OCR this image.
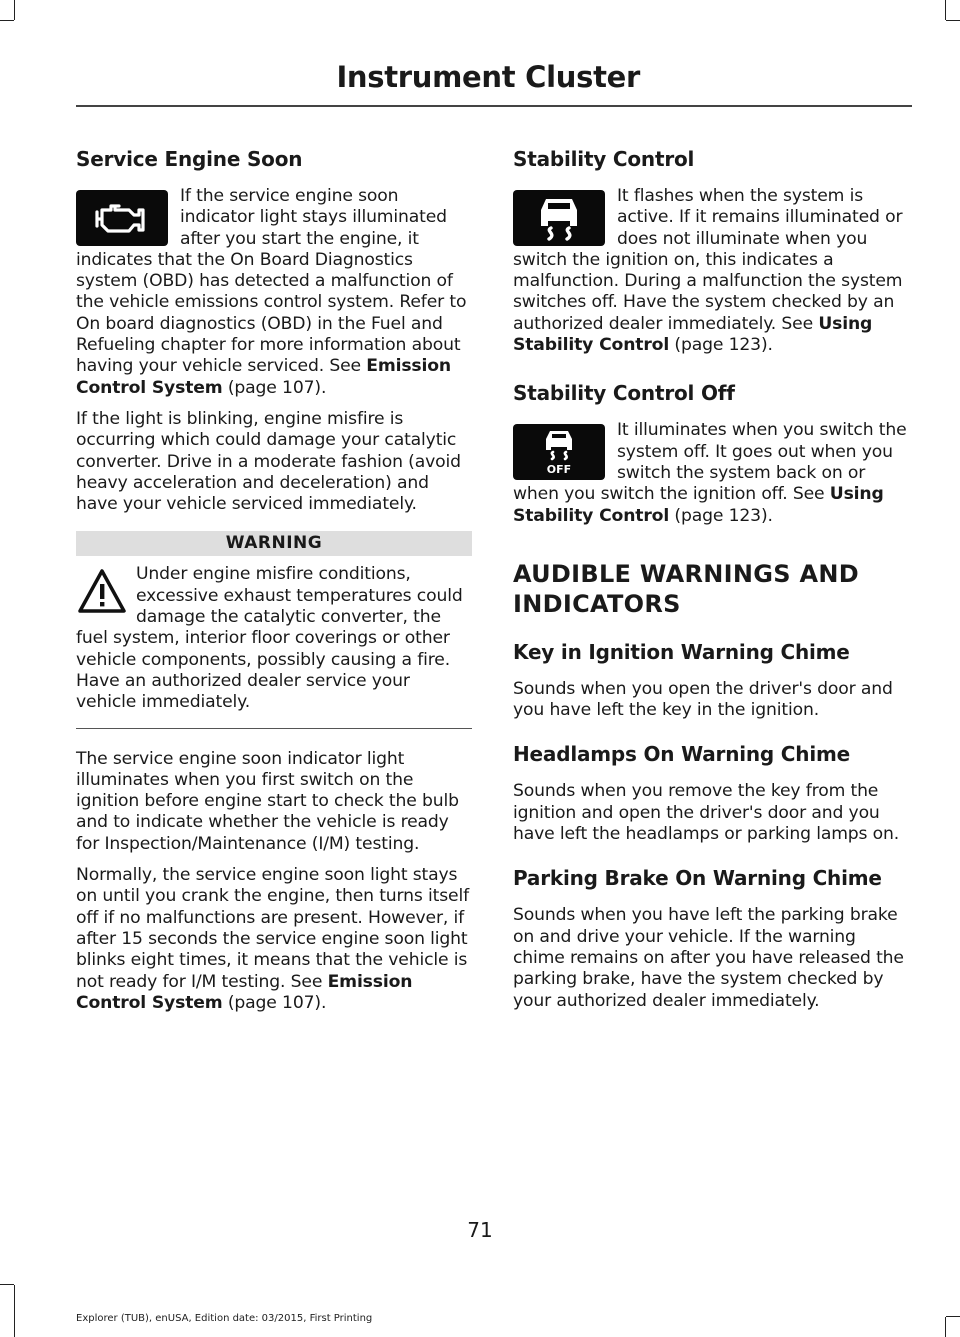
Instrument Cluster
Service Engine Soon

If the service engine soon indicator light stays illuminated after you start the engine, it indicates that the On Board Diagnostics system (OBD) has detected a malfunction of the vehicle emissions control system. Refer to On board diagnostics (OBD) in the Fuel and Refueling chapter for more information about having your vehicle serviced. See Emission Control System (page 107).

If the light is blinking, engine misfire is occurring which could damage your catalytic converter. Drive in a moderate fashion (avoid heavy acceleration and deceleration) and have your vehicle serviced immediately.

WARNING

Under engine misfire conditions, excessive exhaust temperatures could damage the catalytic converter, the fuel system, interior floor coverings or other vehicle components, possibly causing a fire. Have an authorized dealer service your vehicle immediately.

The service engine soon indicator light illuminates when you first switch on the ignition before engine start to check the bulb and to indicate whether the vehicle is ready for Inspection/Maintenance (I/M) testing.

Normally, the service engine soon light stays on until you crank the engine, then turns itself off if no malfunctions are present. However, if after 15 seconds the service engine soon light blinks eight times, it means that the vehicle is not ready for I/M testing. See Emission Control System (page 107).

Stability Control

It flashes when the system is active. If it remains illuminated or does not illuminate when you switch the ignition on, this indicates a malfunction. During a malfunction the system switches off. Have the system checked by an authorized dealer immediately. See Using Stability Control (page 123).

Stability Control Off
OFF

It illuminates when you switch the system off. It goes out when you switch the system back on or when you switch the ignition off. See Using Stability Control (page 123).

AUDIBLE WARNINGS AND INDICATORS
Key in Ignition Warning Chime

Sounds when you open the driver's door and you have left the key in the ignition.

Headlamps On Warning Chime

Sounds when you remove the key from the ignition and open the driver's door and you have left the headlamps or parking lamps on.

Parking Brake On Warning Chime

Sounds when you have left the parking brake on and drive your vehicle. If the warning chime remains on after you have released the parking brake, have the system checked by your authorized dealer immediately.

71
Explorer (TUB), enUSA, Edition date: 03/2015, First Printing
